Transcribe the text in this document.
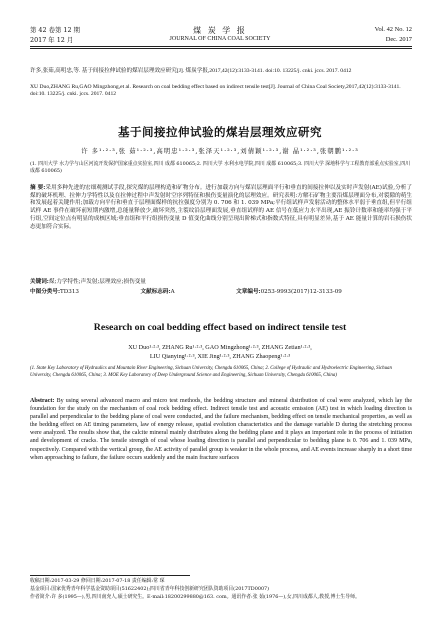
第 42 卷第 12 期
2017 年 12 月
煤 炭 学 报
JOURNAL OF CHINA COAL SOCIETY
Vol. 42 No. 12
Dec. 2017
许多,张茹,高明忠,等. 基于间接拉伸试验的煤岩层理效应研究[J]. 煤炭学报,2017,42(12):3133-3141. doi:10. 13225/j. cnki. jccs. 2017. 0412
XU Duo,ZHANG Ru,GAO Mingzhong,et al. Research on coal bedding effect based on indirect tensile test[J]. Journal of China Coal Society,2017,42(12):3133-3141. doi:10. 13225/j. cnki. jccs. 2017. 0412
基于间接拉伸试验的煤岩层理效应研究
许 多¹·²·³,张 茹¹·²·³,高明忠¹·²·³,张泽天¹·²·³,刘倩颖¹·²·³,谢 晶¹·²·³,张朝鹏¹·²·³
(1. 四川大学 水力学与山区河流开发保护国家重点实验室,四川 成都 610065;2. 四川大学 水利水电学院,四川 成都 610065;3. 四川大学 深地科学与工程教育部重点实验室,四川 成都 610065)
摘 要:采用多种先进的宏细观测试手段,探究煤的层理构造和矿物分布。进行加载方向与煤岩层理面平行和垂直的间接拉伸以及实时声发射(AE)试验,分析了煤的破坏机理、拉伸力学特性以及在拉伸过程中声发射时空序列特征和损伤变量演化的层理效应。研究表明:方解石矿物主要沿煤层理面分布,对裂隙的萌生和发展起着关键作用;加载方向平行和垂直于层理面煤样的抗拉强度分别为 0. 706 和 1. 039 MPa;平行组试样声发射活动的整体水平弱于垂直组,但平行组试样 AE 事件在破坏前短期内激增,总能量释放少,破坏突然,主裂纹沿层理面发展,垂直组试样的 AE 信号在低应力水平出现,AE 振铃计数率和能率均强于平行组,空间定位点有明显的成核区域;垂直组和平行组损伤变量 D 值变化曲线分别呈现出阶梯式和指数式特征,具有明显差异,基于 AE 能量计算的岩石损伤状态更加符合实际。
关键词:煤;力学特性;声发射;层理效应;损伤变量
中图分类号:TD313	文献标志码:A	文章编号:0253-9993(2017)12-3133-09
Research on coal bedding effect based on indirect tensile test
XU Duo¹·²·³, ZHANG Ru¹·²·³, GAO Mingzhong¹·²·³, ZHANG Zetian¹·²·³,
LIU Qianying¹·²·³, XIE Jing¹·²·³, ZHANG Zhaopeng¹·²·³
(1. State Key Laboratory of Hydraulics and Mountain River Engineering, Sichuan University, Chengdu 610065, China; 2. College of Hydraulic and Hydroelectric Engineering, Sichuan University, Chengdu 610065, China; 3. MOE Key Laboratory of Deep Underground Science and Engineering, Sichuan University, Chengdu 610065, China)
Abstract: By using several advanced macro and micro test methods, the bedding structure and mineral distribution of coal were analyzed, which lay the foundation for the study on the mechanism of coal rock bedding effect. Indirect tensile test and acoustic emission (AE) test in which loading direction is parallel and perpendicular to the bedding plane of coal were conducted, and the failure mechanism, bedding effect on tensile mechanical properties, as well as the bedding effect on AE timing parameters, law of energy release, spatial evolution characteristics and the damage variable D during the stretching process were analyzed. The results show that, the calcite mineral mainly distributes along the bedding plane and it plays an important role in the process of initiation and development of cracks. The tensile strength of coal whose loading direction is parallel and perpendicular to bedding plane is 0. 706 and 1. 039 MPa, respectively. Compared with the vertical group, the AE activity of parallel group is weaker in the whole process, and AE events increase sharply in a short time when approaching to failure, the failure occurs suddenly and the main fracture surfaces
收稿日期:2017-03-29 修回日期:2017-07-18 责任编辑:常 琛
基金项目:国家优秀青年科学基金资助项目(51622402);四川省青年科技创新研究团队资助项目(2017TD0007)
作者简介:许 多(1995—),男,四川南充人,硕士研究生。E-mail:18200299880@163. com。通讯作者:张 茹(1976—),女,四川成都人,教授,博士生导师。
